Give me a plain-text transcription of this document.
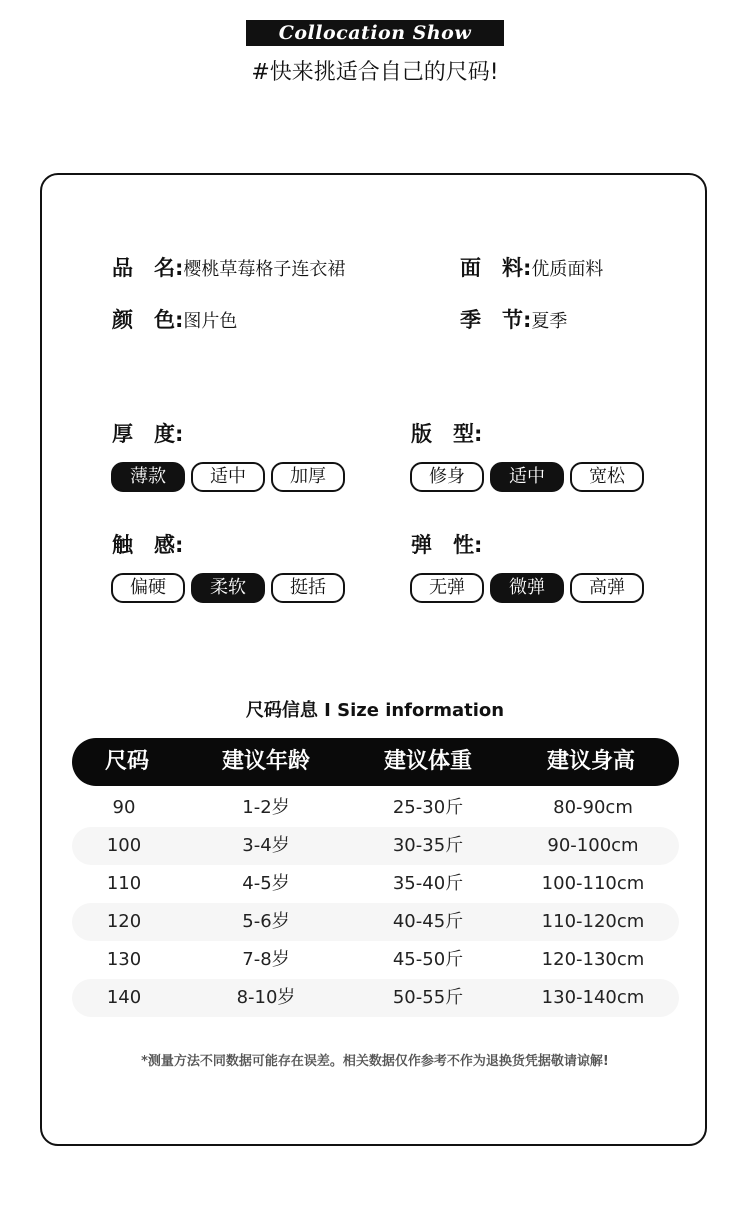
Collocation Show
#快来挑适合自己的尺码!
品　名:樱桃草莓格子连衣裙	面　料:优质面料
颜　色:图片色	季　节:夏季
厚　度:
薄款	适中	加厚
版　型:
修身	适中	宽松
触　感:
偏硬	柔软	挺括
弹　性:
无弹	微弹	高弹
尺码信息 I Size information
尺码	建议年龄	建议体重	建议身高
90	1-2岁	25-30斤	80-90cm
100	3-4岁	30-35斤	90-100cm
110	4-5岁	35-40斤	100-110cm
120	5-6岁	40-45斤	110-120cm
130	7-8岁	45-50斤	120-130cm
140	8-10岁	50-55斤	130-140cm
*测量方法不同数据可能存在误差。相关数据仅作参考不作为退换货凭据敬请谅解!
